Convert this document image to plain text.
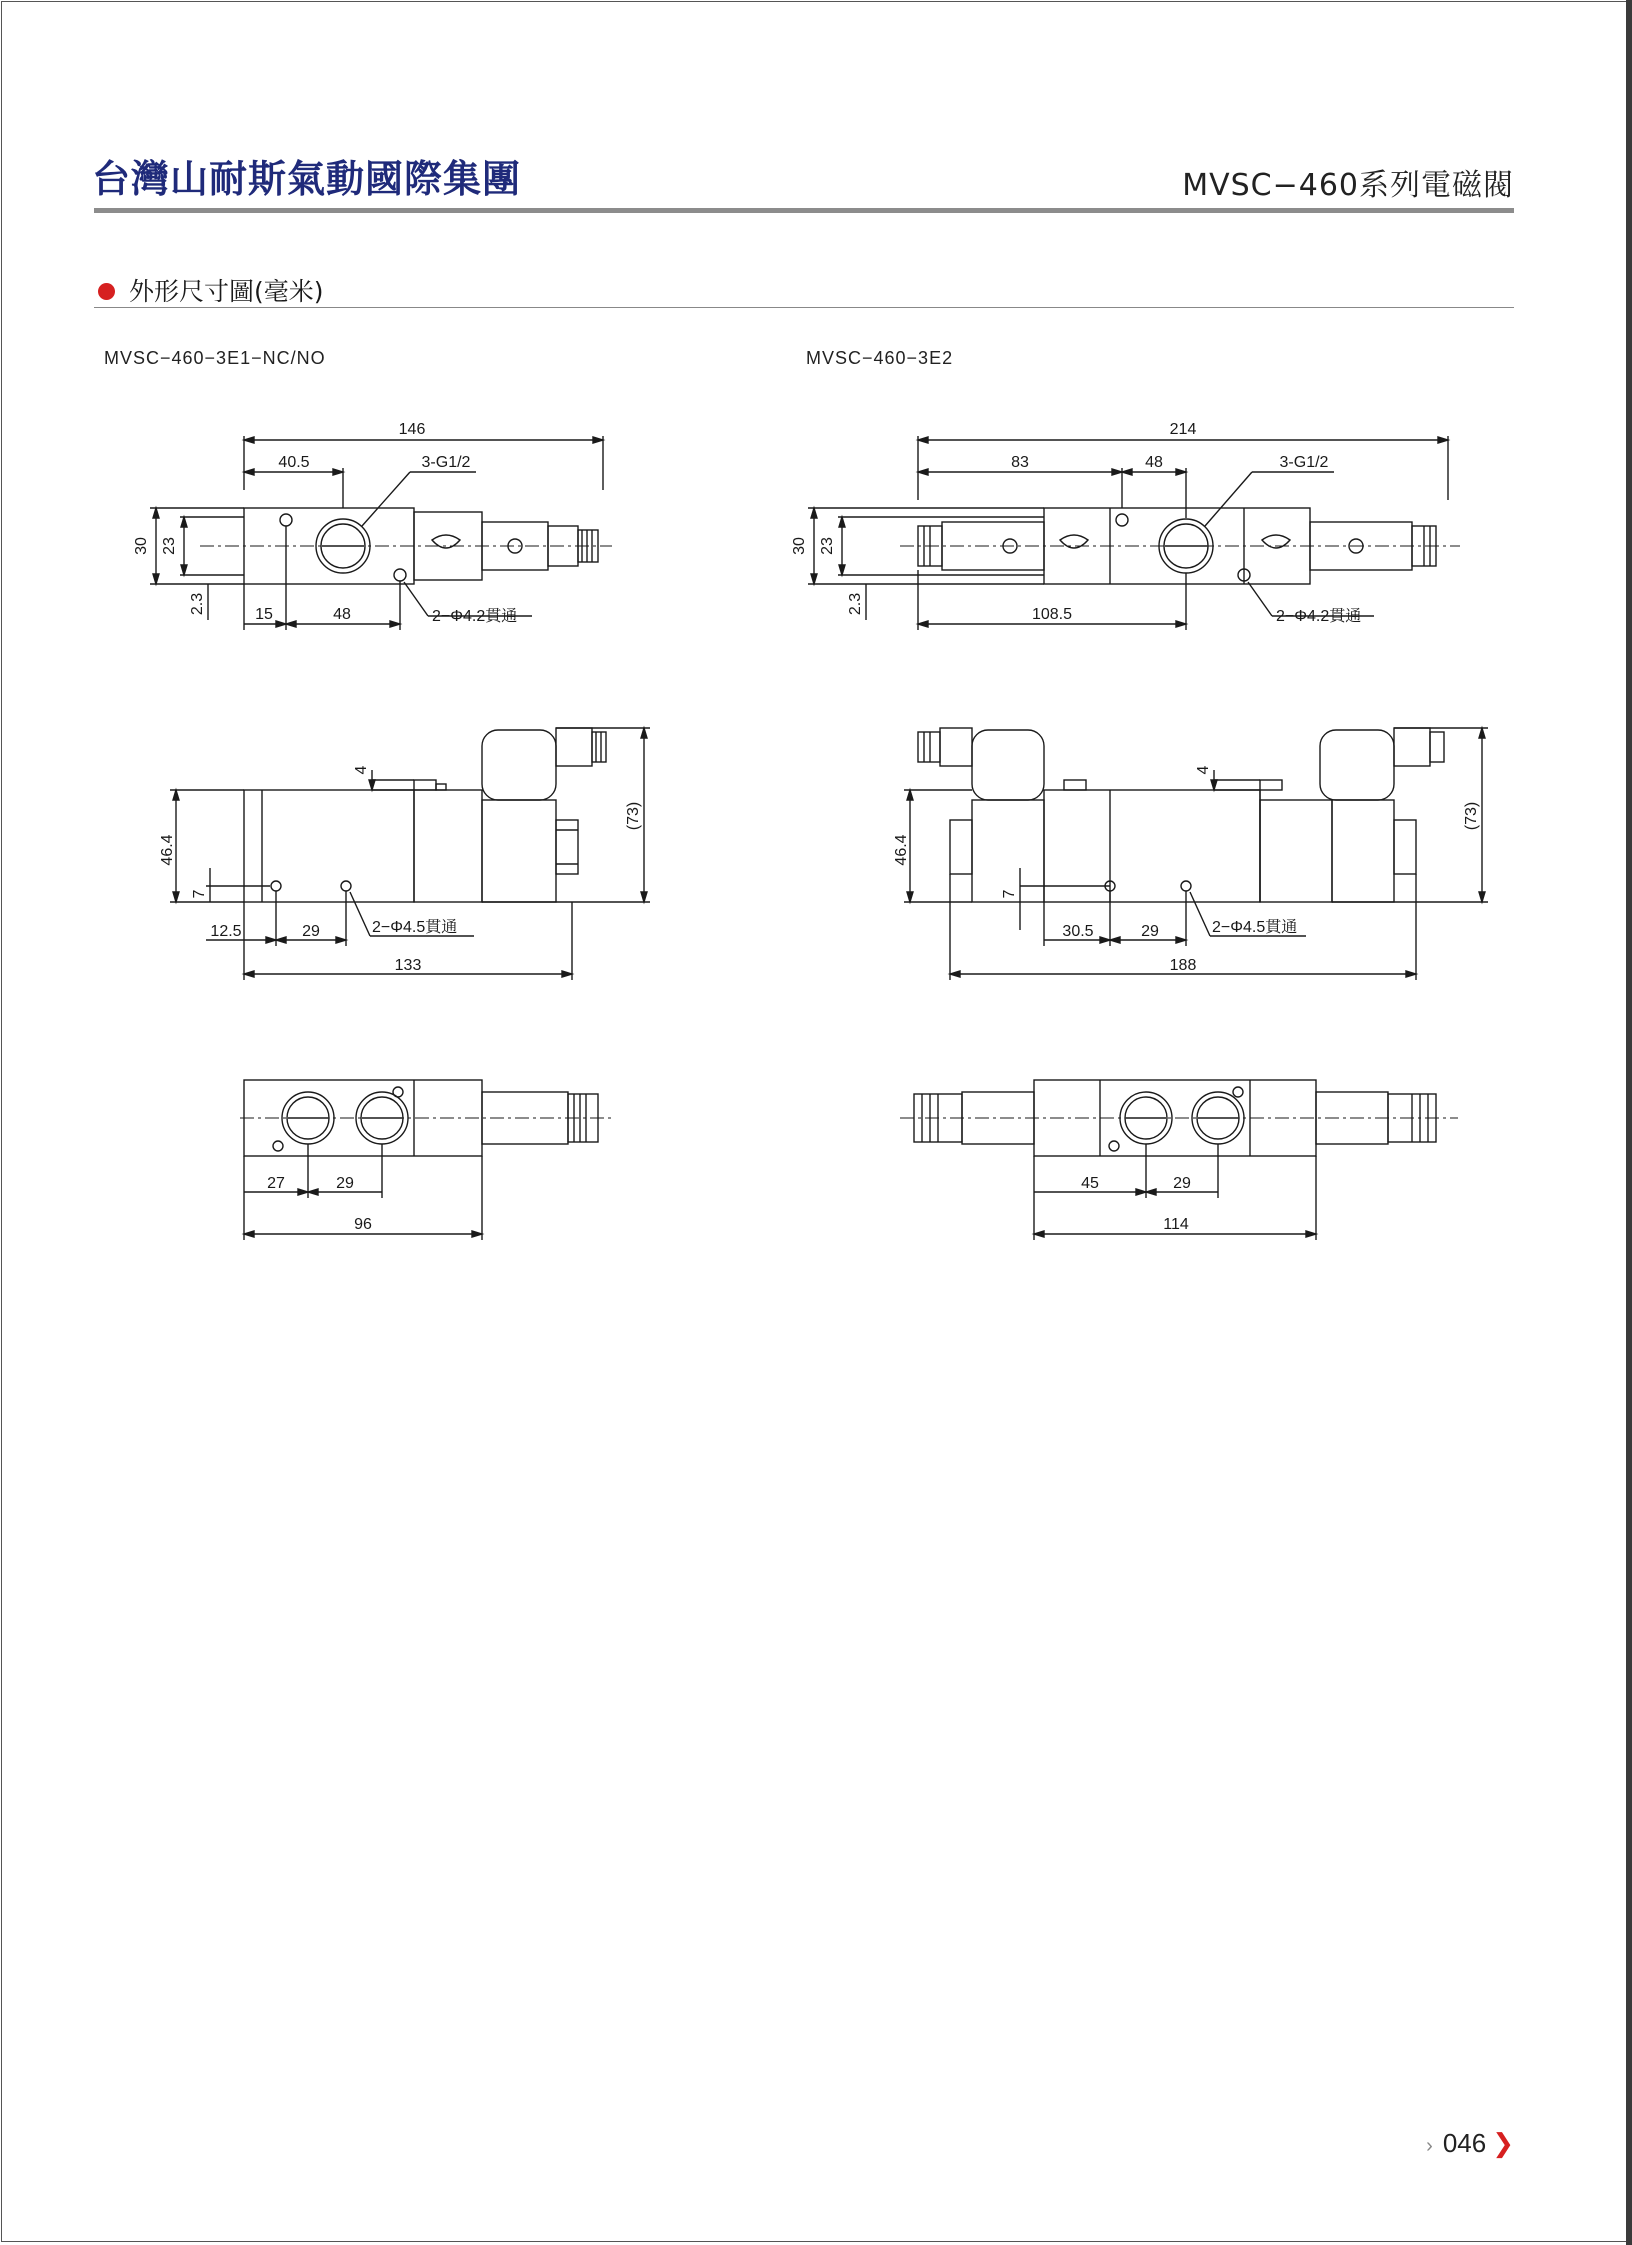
台灣山耐斯氣動國際集團	MVSC−460系列電磁閥
外形尺寸圖(毫米)
MVSC−460−3E1−NC/NO	MVSC−460−3E2
146
40.5	3-G1/2
30 23
2.3	15	48	2−Φ4.2貫通
4
46.4
(73)
7
12.5	29	2−Φ4.5貫通
133
27	29
96
214
83	48	3-G1/2
30 23
2.3	108.5	2−Φ4.2貫通
4
46.4
(73)
7
30.5	29	2−Φ4.5貫通
188
45	29
114
› 046 ❯
